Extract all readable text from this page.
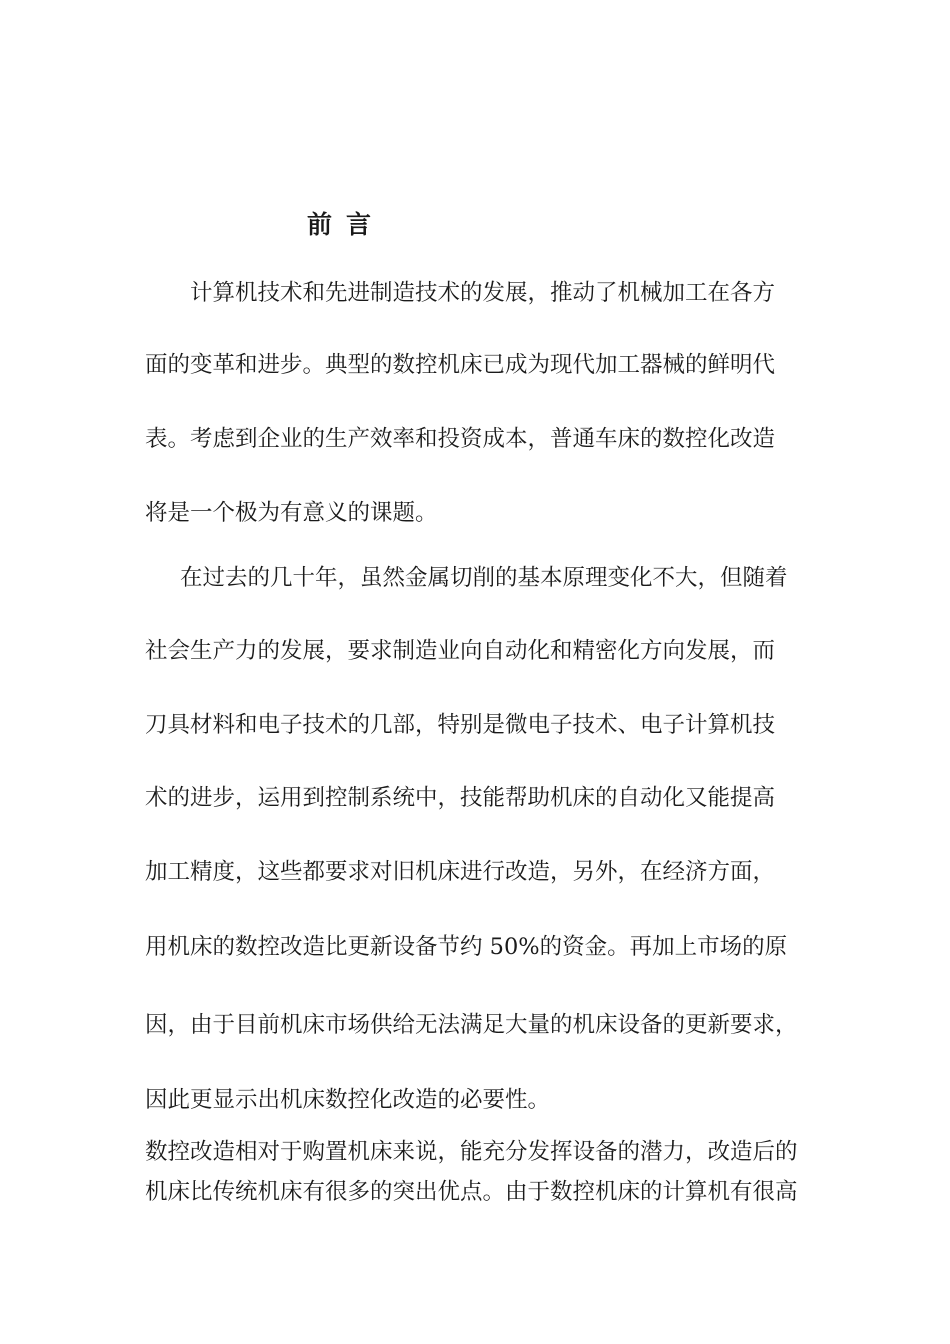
前言
计算机技术和先进制造技术的发展，推动了机械加工在各方
面的变革和进步。典型的数控机床已成为现代加工器械的鲜明代
表。考虑到企业的生产效率和投资成本，普通车床的数控化改造
将是一个极为有意义的课题。
在过去的几十年，虽然金属切削的基本原理变化不大，但随着
社会生产力的发展，要求制造业向自动化和精密化方向发展，而
刀具材料和电子技术的几部，特别是微电子技术、电子计算机技
术的进步，运用到控制系统中，技能帮助机床的自动化又能提高
加工精度，这些都要求对旧机床进行改造，另外，在经济方面，
用机床的数控改造比更新设备节约 50%的资金。再加上市场的原
因，由于目前机床市场供给无法满足大量的机床设备的更新要求，
因此更显示出机床数控化改造的必要性。
数控改造相对于购置机床来说，能充分发挥设备的潜力，改造后的
机床比传统机床有很多的突出优点。由于数控机床的计算机有很高
